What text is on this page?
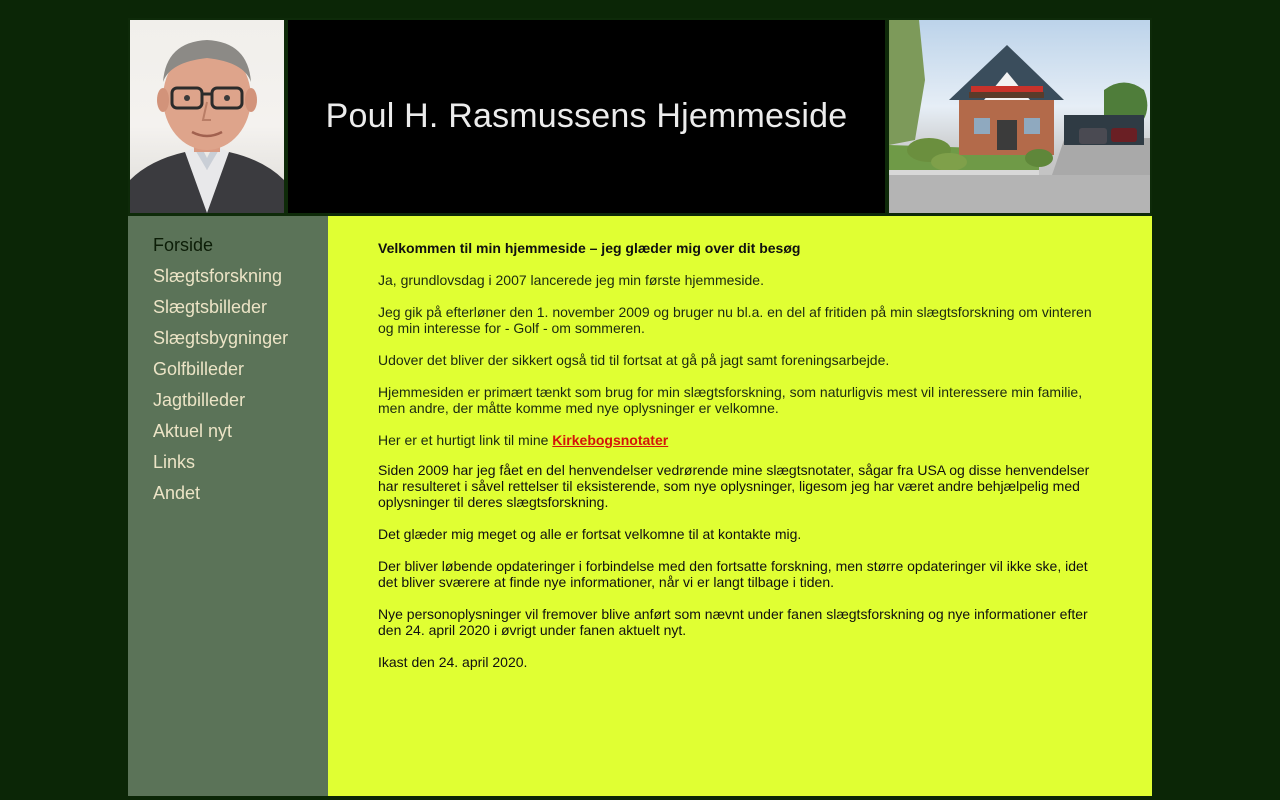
Poul H. Rasmussens Hjemmeside
Forside
Slægtsforskning
Slægtsbilleder
Slægtsbygninger
Golfbilleder
Jagtbilleder
Aktuel nyt
Links
Andet

Velkommen til min hjemmeside – jeg glæder mig over dit besøg

Ja, grundlovsdag i 2007 lancerede jeg min første hjemmeside.

Jeg gik på efterløner den 1. november 2009 og bruger nu bl.a. en del af fritiden på min slægtsforskning om vinteren og min interesse for - Golf - om sommeren.

Udover det bliver der sikkert også tid til fortsat at gå på jagt samt foreningsarbejde.

Hjemmesiden er primært tænkt som brug for min slægtsforskning, som naturligvis mest vil interessere min familie, men andre, der måtte komme med nye oplysninger er velkomne.

Her er et hurtigt link til mine Kirkebogsnotater

Siden 2009 har jeg fået en del henvendelser vedrørende mine slægtsnotater, sågar fra USA og disse henvendelser har resulteret i såvel rettelser til eksisterende, som nye oplysninger, ligesom jeg har været andre behjælpelig med oplysninger til deres slægtsforskning.

Det glæder mig meget og alle er fortsat velkomne til at kontakte mig.

Der bliver løbende opdateringer i forbindelse med den fortsatte forskning, men større opdateringer vil ikke ske, idet det bliver sværere at finde nye informationer, når vi er langt tilbage i tiden.

Nye personoplysninger vil fremover blive anført som nævnt under fanen slægtsforskning og nye informationer efter den 24. april 2020 i øvrigt under fanen aktuelt nyt.

Ikast den 24. april 2020.
